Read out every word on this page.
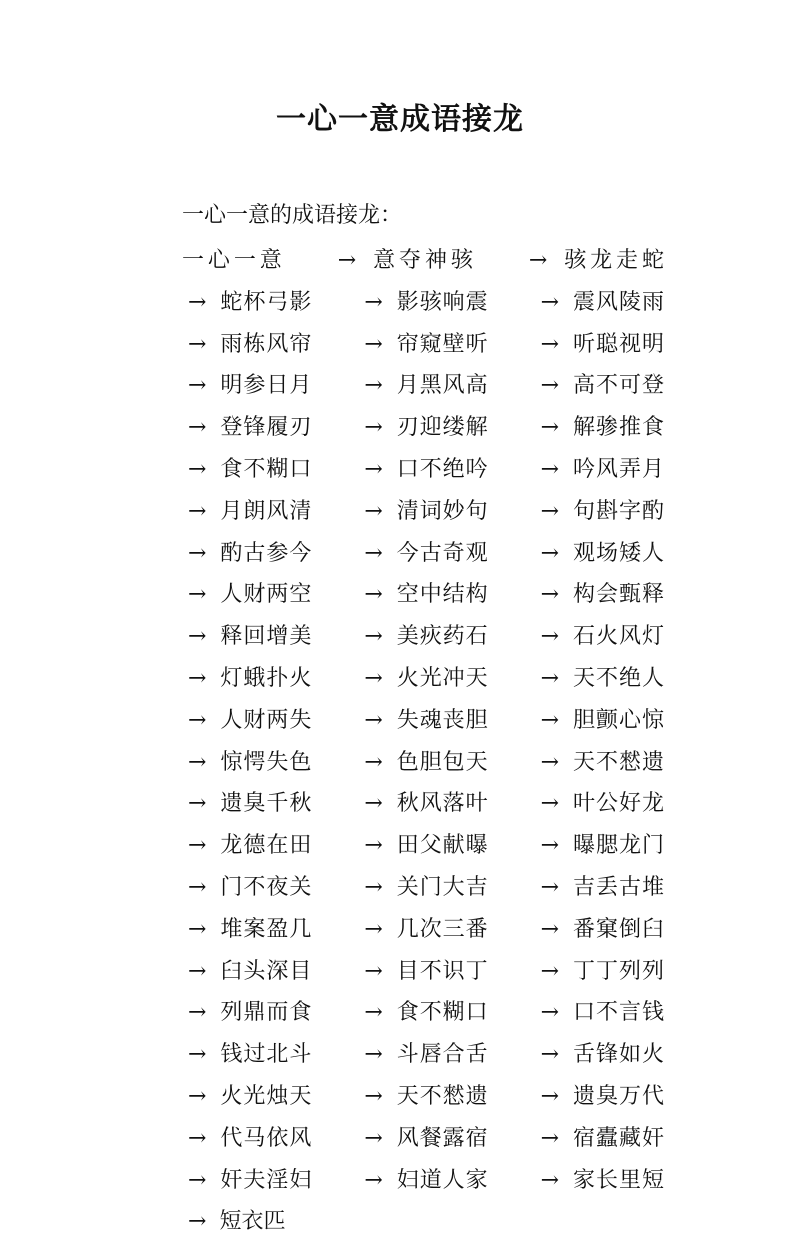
一心一意成语接龙
一心一意的成语接龙：
一心一意 → 意夺神骇 → 骇龙走蛇→ 蛇杯弓影 → 影骇响震 → 震风陵雨→ 雨栋风帘 → 帘窥壁听 → 听聪视明→ 明参日月 → 月黑风高 → 高不可登→ 登锋履刃 → 刃迎缕解 → 解骖推食→ 食不糊口 → 口不绝吟 → 吟风弄月→ 月朗风清 → 清词妙句 → 句斟字酌→ 酌古参今 → 今古奇观 → 观场矮人→ 人财两空 → 空中结构 → 构会甄释→ 释回增美 → 美疢药石 → 石火风灯→ 灯蛾扑火 → 火光冲天 → 天不绝人→ 人财两失 → 失魂丧胆 → 胆颤心惊→ 惊愕失色 → 色胆包天 → 天不憖遗→ 遗臭千秋 → 秋风落叶 → 叶公好龙→ 龙德在田 → 田父献曝 → 曝腮龙门→ 门不夜关 → 关门大吉 → 吉丢古堆→ 堆案盈几 → 几次三番 → 番窠倒臼→ 臼头深目 → 目不识丁 → 丁丁列列→ 列鼎而食 → 食不糊口 → 口不言钱→ 钱过北斗 → 斗唇合舌 → 舌锋如火→ 火光烛天 → 天不憖遗 → 遗臭万代→ 代马依风 → 风餐露宿 → 宿蠹藏奸→ 奸夫淫妇 → 妇道人家 → 家长里短→ 短衣匹
